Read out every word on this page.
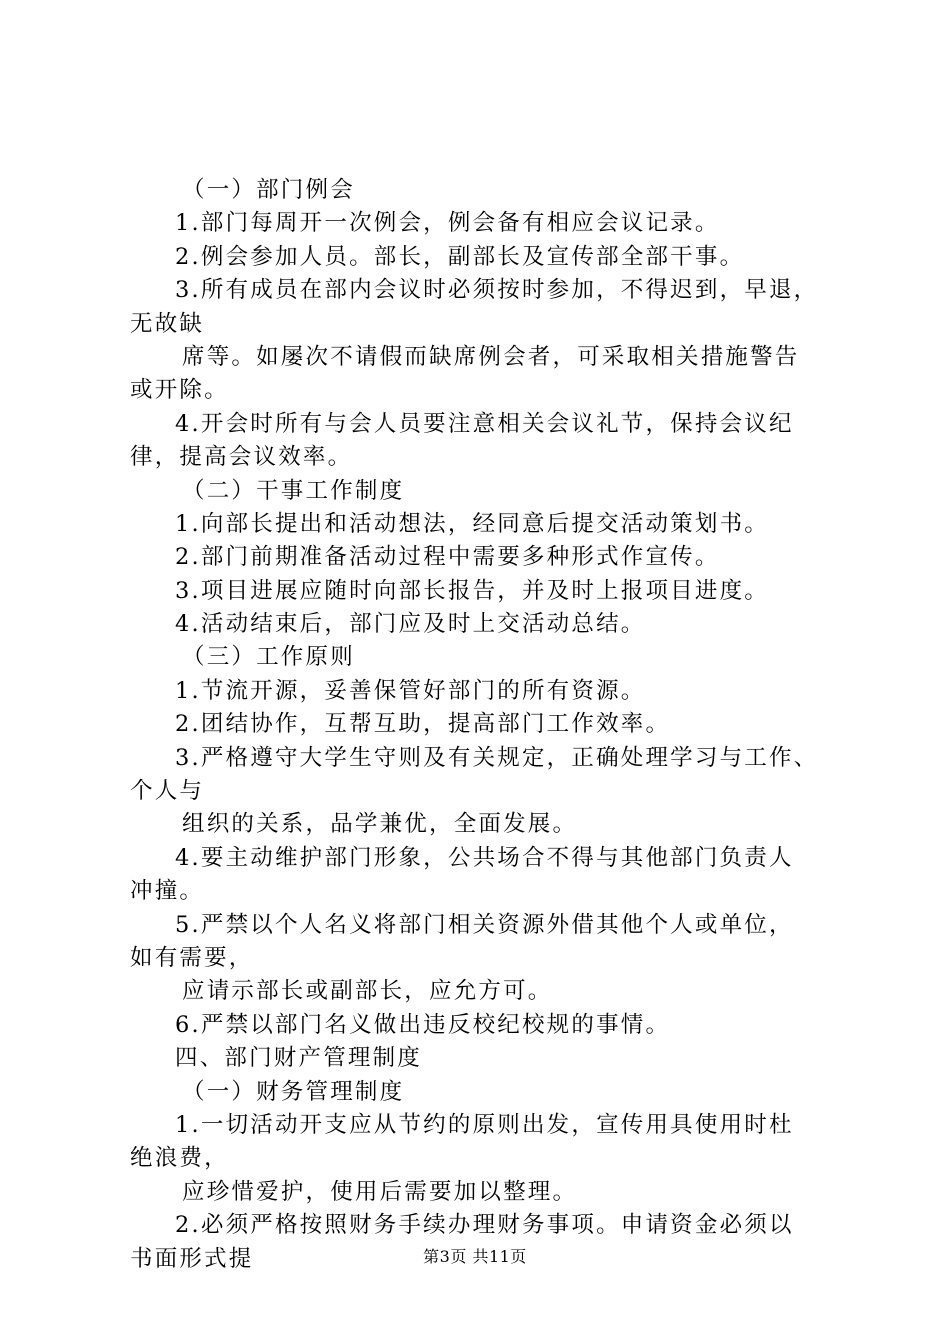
（一）部门例会
1.部门每周开一次例会，例会备有相应会议记录。
2.例会参加人员。部长，副部长及宣传部全部干事。
3.所有成员在部内会议时必须按时参加，不得迟到，早退，
无故缺
席等。如屡次不请假而缺席例会者，可采取相关措施警告
或开除。
4.开会时所有与会人员要注意相关会议礼节，保持会议纪
律，提高会议效率。
（二）干事工作制度
1.向部长提出和活动想法，经同意后提交活动策划书。
2.部门前期准备活动过程中需要多种形式作宣传。
3.项目进展应随时向部长报告，并及时上报项目进度。
4.活动结束后，部门应及时上交活动总结。
（三）工作原则
1.节流开源，妥善保管好部门的所有资源。
2.团结协作，互帮互助，提高部门工作效率。
3.严格遵守大学生守则及有关规定，正确处理学习与工作、
个人与
组织的关系，品学兼优，全面发展。
4.要主动维护部门形象，公共场合不得与其他部门负责人
冲撞。
5.严禁以个人名义将部门相关资源外借其他个人或单位，
如有需要，
应请示部长或副部长，应允方可。
6.严禁以部门名义做出违反校纪校规的事情。
四、部门财产管理制度
（一）财务管理制度
1.一切活动开支应从节约的原则出发，宣传用具使用时杜
绝浪费，
应珍惜爱护，使用后需要加以整理。
2.必须严格按照财务手续办理财务事项。申请资金必须以
书面形式提	第3页 共11页
